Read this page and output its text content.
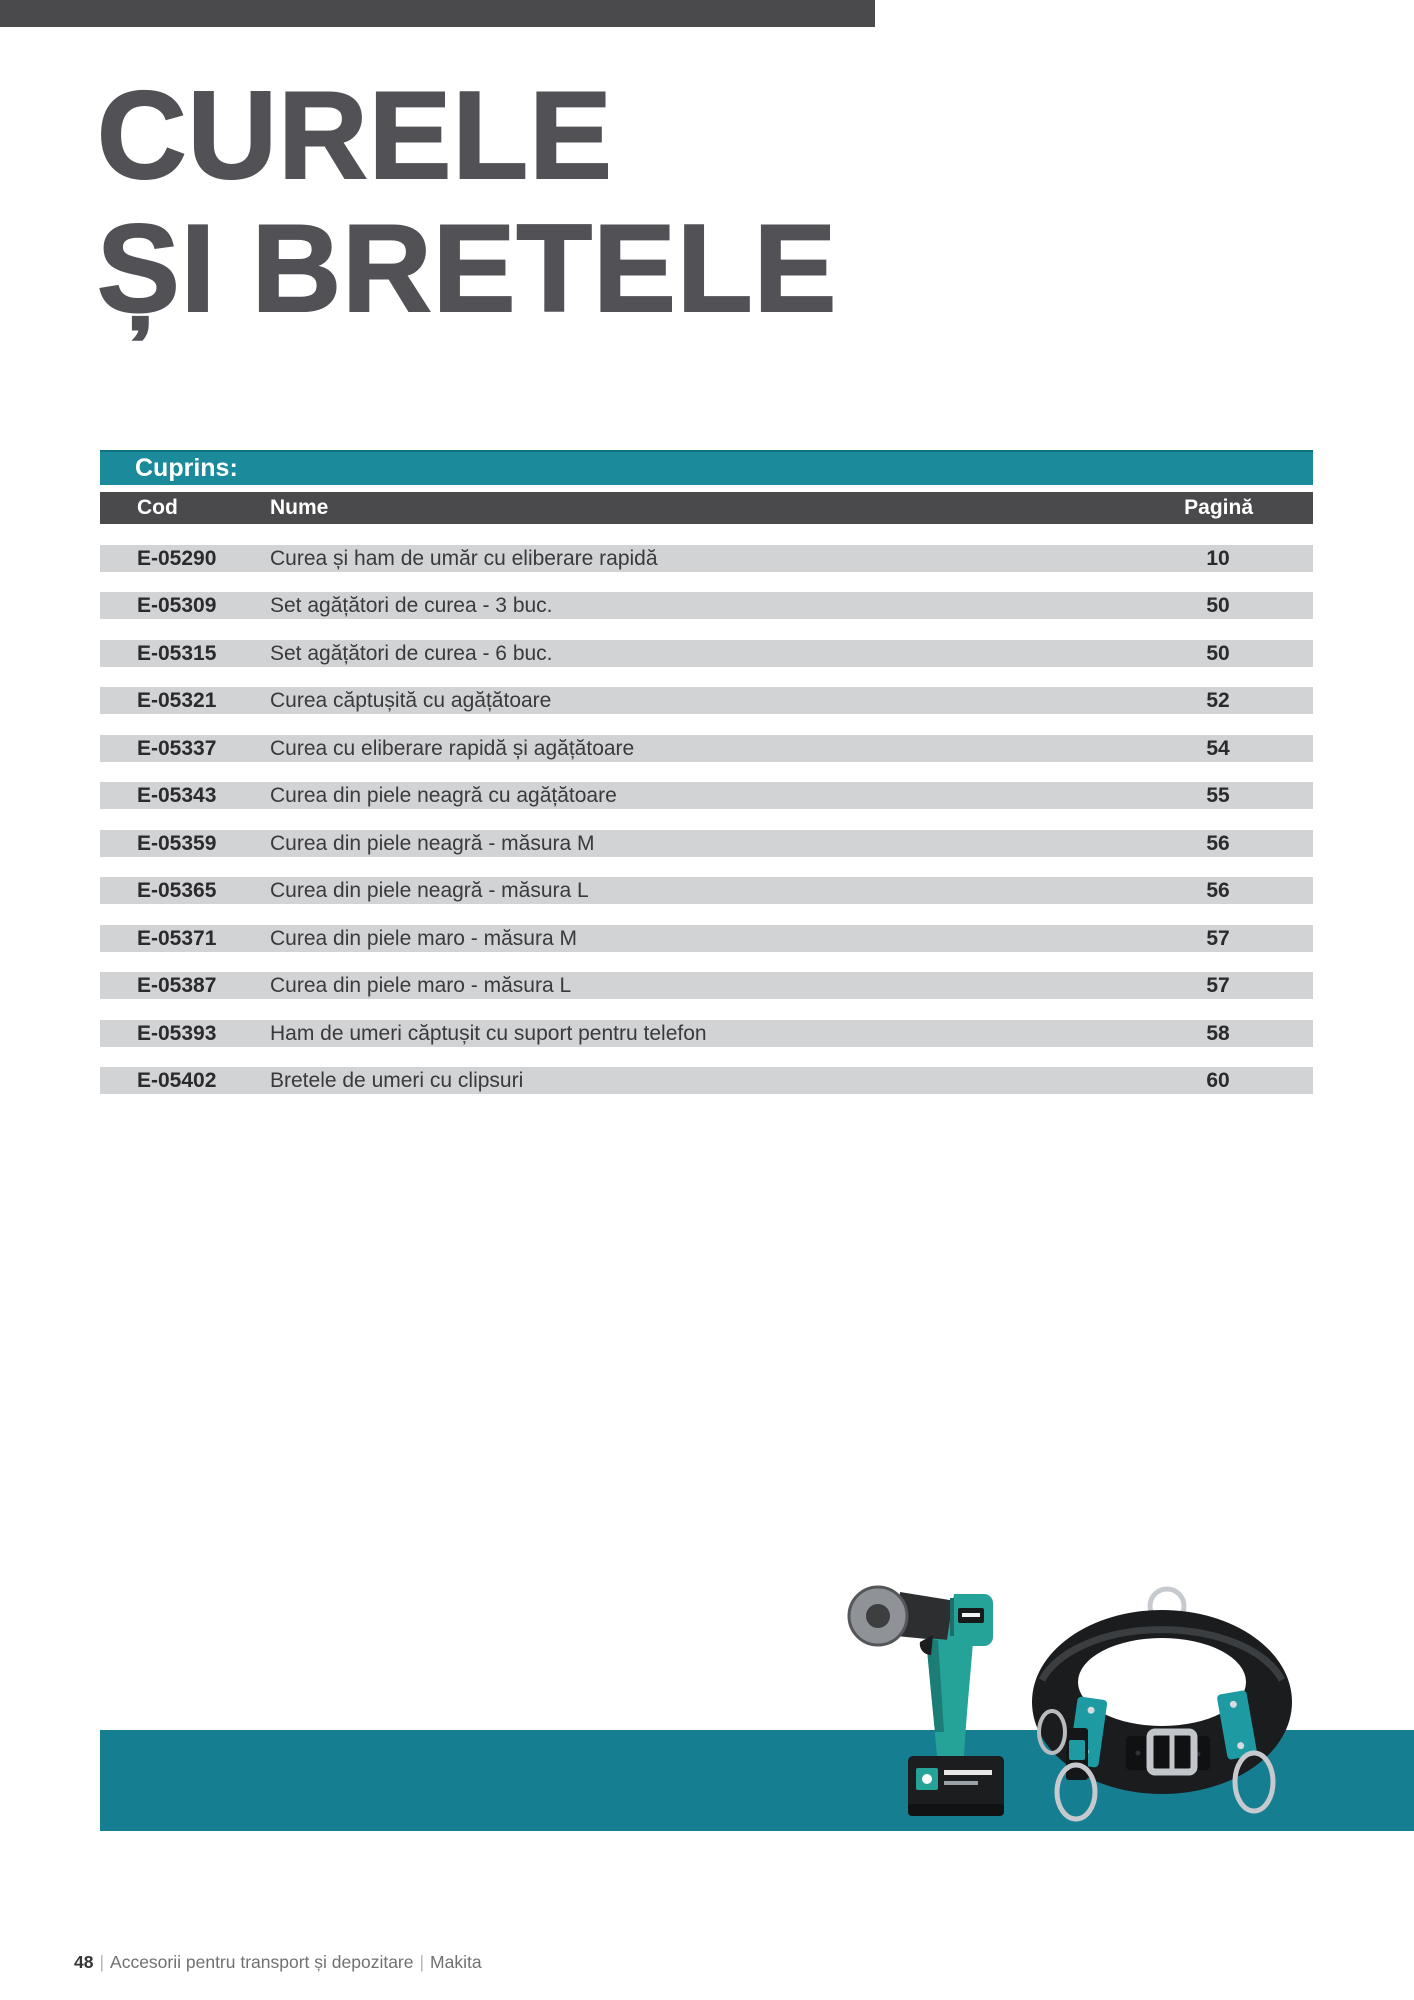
CURELE
ȘI BRETELE
Cuprins:
Cod	Nume	Pagină
E-05290	Curea și ham de umăr cu eliberare rapidă	10
E-05309	Set agățători de curea - 3 buc.	50
E-05315	Set agățători de curea - 6 buc.	50
E-05321	Curea căptușită cu agățătoare	52
E-05337	Curea cu eliberare rapidă și agățătoare	54
E-05343	Curea din piele neagră cu agățătoare	55
E-05359	Curea din piele neagră - măsura M	56
E-05365	Curea din piele neagră - măsura L	56
E-05371	Curea din piele maro - măsura M	57
E-05387	Curea din piele maro - măsura L	57
E-05393	Ham de umeri căptușit cu suport pentru telefon	58
E-05402	Bretele de umeri cu clipsuri	60
48 | Accesorii pentru transport și depozitare | Makita
